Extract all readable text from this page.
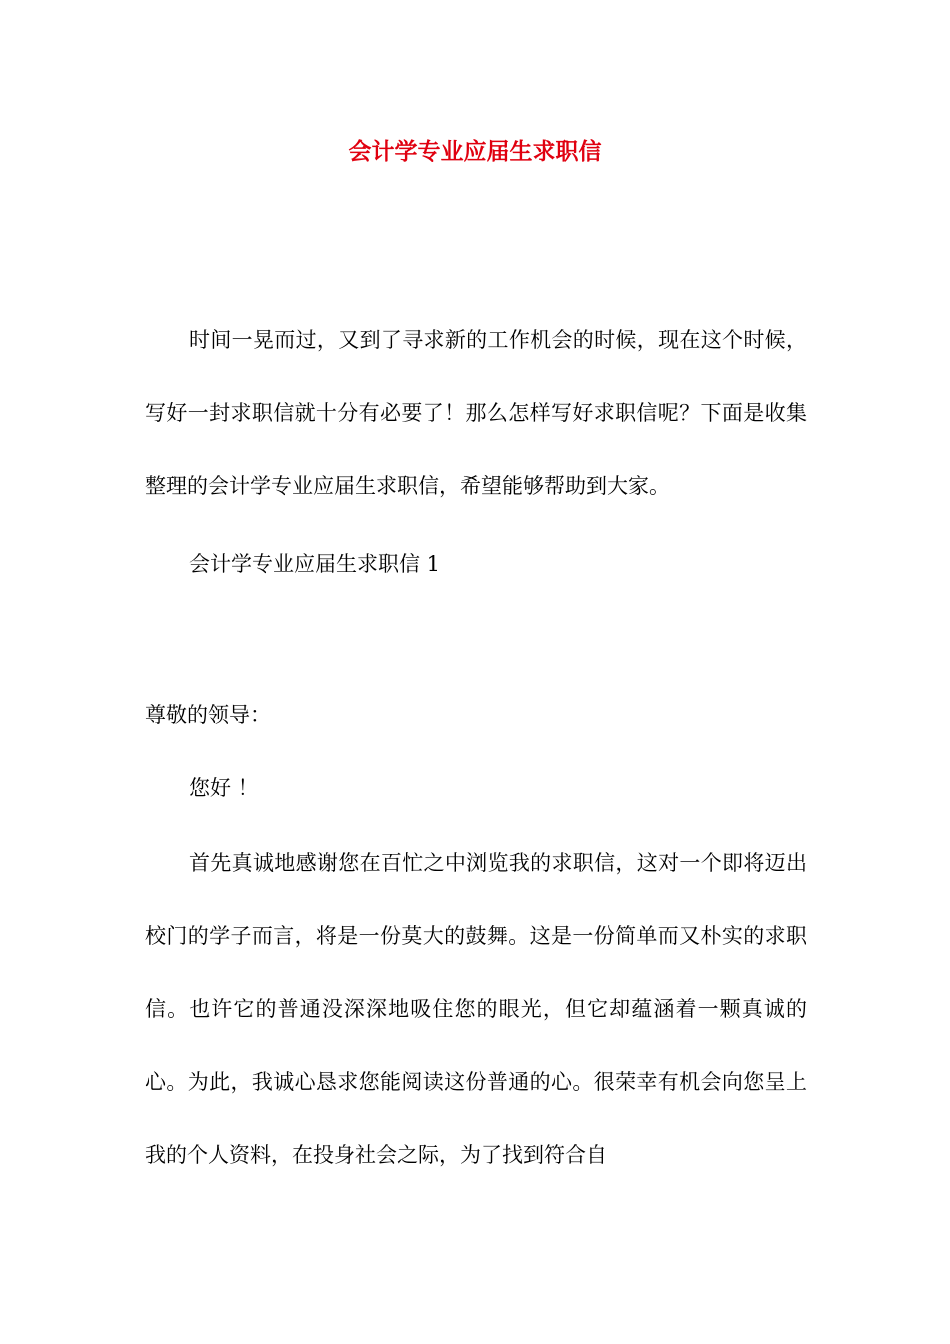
会计学专业应届生求职信

时间一晃而过，又到了寻求新的工作机会的时候，现在这个时候，写好一封求职信就十分有必要了！那么怎样写好求职信呢？下面是收集整理的会计学专业应届生求职信，希望能够帮助到大家。

会计学专业应届生求职信 1

尊敬的领导：

您好 ！

首先真诚地感谢您在百忙之中浏览我的求职信，这对一个即将迈出校门的学子而言，将是一份莫大的鼓舞。这是一份简单而又朴实的求职信。也许它的普通没深深地吸住您的眼光，但它却蕴涵着一颗真诚的心。为此，我诚心恳求您能阅读这份普通的心。很荣幸有机会向您呈上我的个人资料，在投身社会之际，为了找到符合自
